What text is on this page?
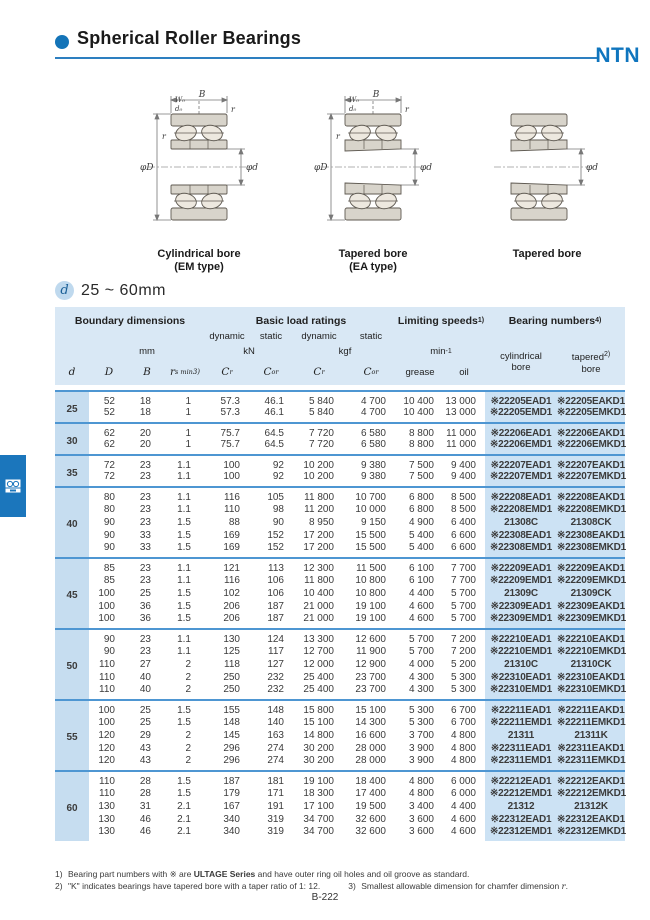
Spherical Roller Bearings
NTN
B
W₀
d₀	r
r
φD	φd
Cylindrical bore
(EM type)
B
W₀
d₀	r
r
φD	φd
Tapered bore
(EA type)
φd
Tapered bore
d 25 ~ 60mm
Boundary dimensions	Basic load ratings	Limiting speeds 1) Bearing numbers 4)
dynamic	static	dynamic	static
mm	kN	kgf	min -1	cylindrical
bore
tapered$^{2)}$
bore
d	D	B	r s min 3) C r	C or	C r	C or	grease	oil
25	52	18	1	57.3	46.1	5 840	4 700	10 400	13 000	※22205EAD1	※22205EAKD1
	52	18	1	57.3	46.1	5 840	4 700	10 400	13 000	※22205EMD1	※22205EMKD1
30	62	20	1	75.7	64.5	7 720	6 580	8 800	11 000	※22206EAD1	※22206EAKD1
	62	20	1	75.7	64.5	7 720	6 580	8 800	11 000	※22206EMD1	※22206EMKD1
35	72	23	1.1	100	92	10 200	9 380	7 500	9 400	※22207EAD1	※22207EAKD1
	72	23	1.1	100	92	10 200	9 380	7 500	9 400	※22207EMD1	※22207EMKD1
40	80	23	1.1	116	105	11 800	10 700	6 800	8 500	※22208EAD1	※22208EAKD1
	80	23	1.1	110	98	11 200	10 000	6 800	8 500	※22208EMD1	※22208EMKD1
	90	23	1.5	88	90	8 950	9 150	4 900	6 400	21308C	21308CK
	90	33	1.5	169	152	17 200	15 500	5 400	6 600	※22308EAD1	※22308EAKD1
	90	33	1.5	169	152	17 200	15 500	5 400	6 600	※22308EMD1	※22308EMKD1
45	85	23	1.1	121	113	12 300	11 500	6 100	7 700	※22209EAD1	※22209EAKD1
	85	23	1.1	116	106	11 800	10 800	6 100	7 700	※22209EMD1	※22209EMKD1
	100	25	1.5	102	106	10 400	10 800	4 400	5 700	21309C	21309CK
	100	36	1.5	206	187	21 000	19 100	4 600	5 700	※22309EAD1	※22309EAKD1
	100	36	1.5	206	187	21 000	19 100	4 600	5 700	※22309EMD1	※22309EMKD1
50	90	23	1.1	130	124	13 300	12 600	5 700	7 200	※22210EAD1	※22210EAKD1
	90	23	1.1	125	117	12 700	11 900	5 700	7 200	※22210EMD1	※22210EMKD1
	110	27	2	118	127	12 000	12 900	4 000	5 200	21310C	21310CK
	110	40	2	250	232	25 400	23 700	4 300	5 300	※22310EAD1	※22310EAKD1
	110	40	2	250	232	25 400	23 700	4 300	5 300	※22310EMD1	※22310EMKD1
55	100	25	1.5	155	148	15 800	15 100	5 300	6 700	※22211EAD1	※22211EAKD1
	100	25	1.5	148	140	15 100	14 300	5 300	6 700	※22211EMD1	※22211EMKD1
	120	29	2	145	163	14 800	16 600	3 700	4 800	21311	21311K
	120	43	2	296	274	30 200	28 000	3 900	4 800	※22311EAD1	※22311EAKD1
	120	43	2	296	274	30 200	28 000	3 900	4 800	※22311EMD1	※22311EMKD1
60	110	28	1.5	187	181	19 100	18 400	4 800	6 000	※22212EAD1	※22212EAKD1
	110	28	1.5	179	171	18 300	17 400	4 800	6 000	※22212EMD1	※22212EMKD1
	130	31	2.1	167	191	17 100	19 500	3 400	4 400	21312	21312K
	130	46	2.1	340	319	34 700	32 600	3 600	4 600	※22312EAD1	※22312EAKD1
	130	46	2.1	340	319	34 700	32 600	3 600	4 600	※22312EMD1	※22312EMKD1
1) Bearing part numbers with ※ are ULTAGE Series and have outer ring oil holes and oil groove as standard.
2) "K" indicates bearings have tapered bore with a taper ratio of 1: 12.	3) Smallest allowable dimension for chamfer dimension r.
B-222
